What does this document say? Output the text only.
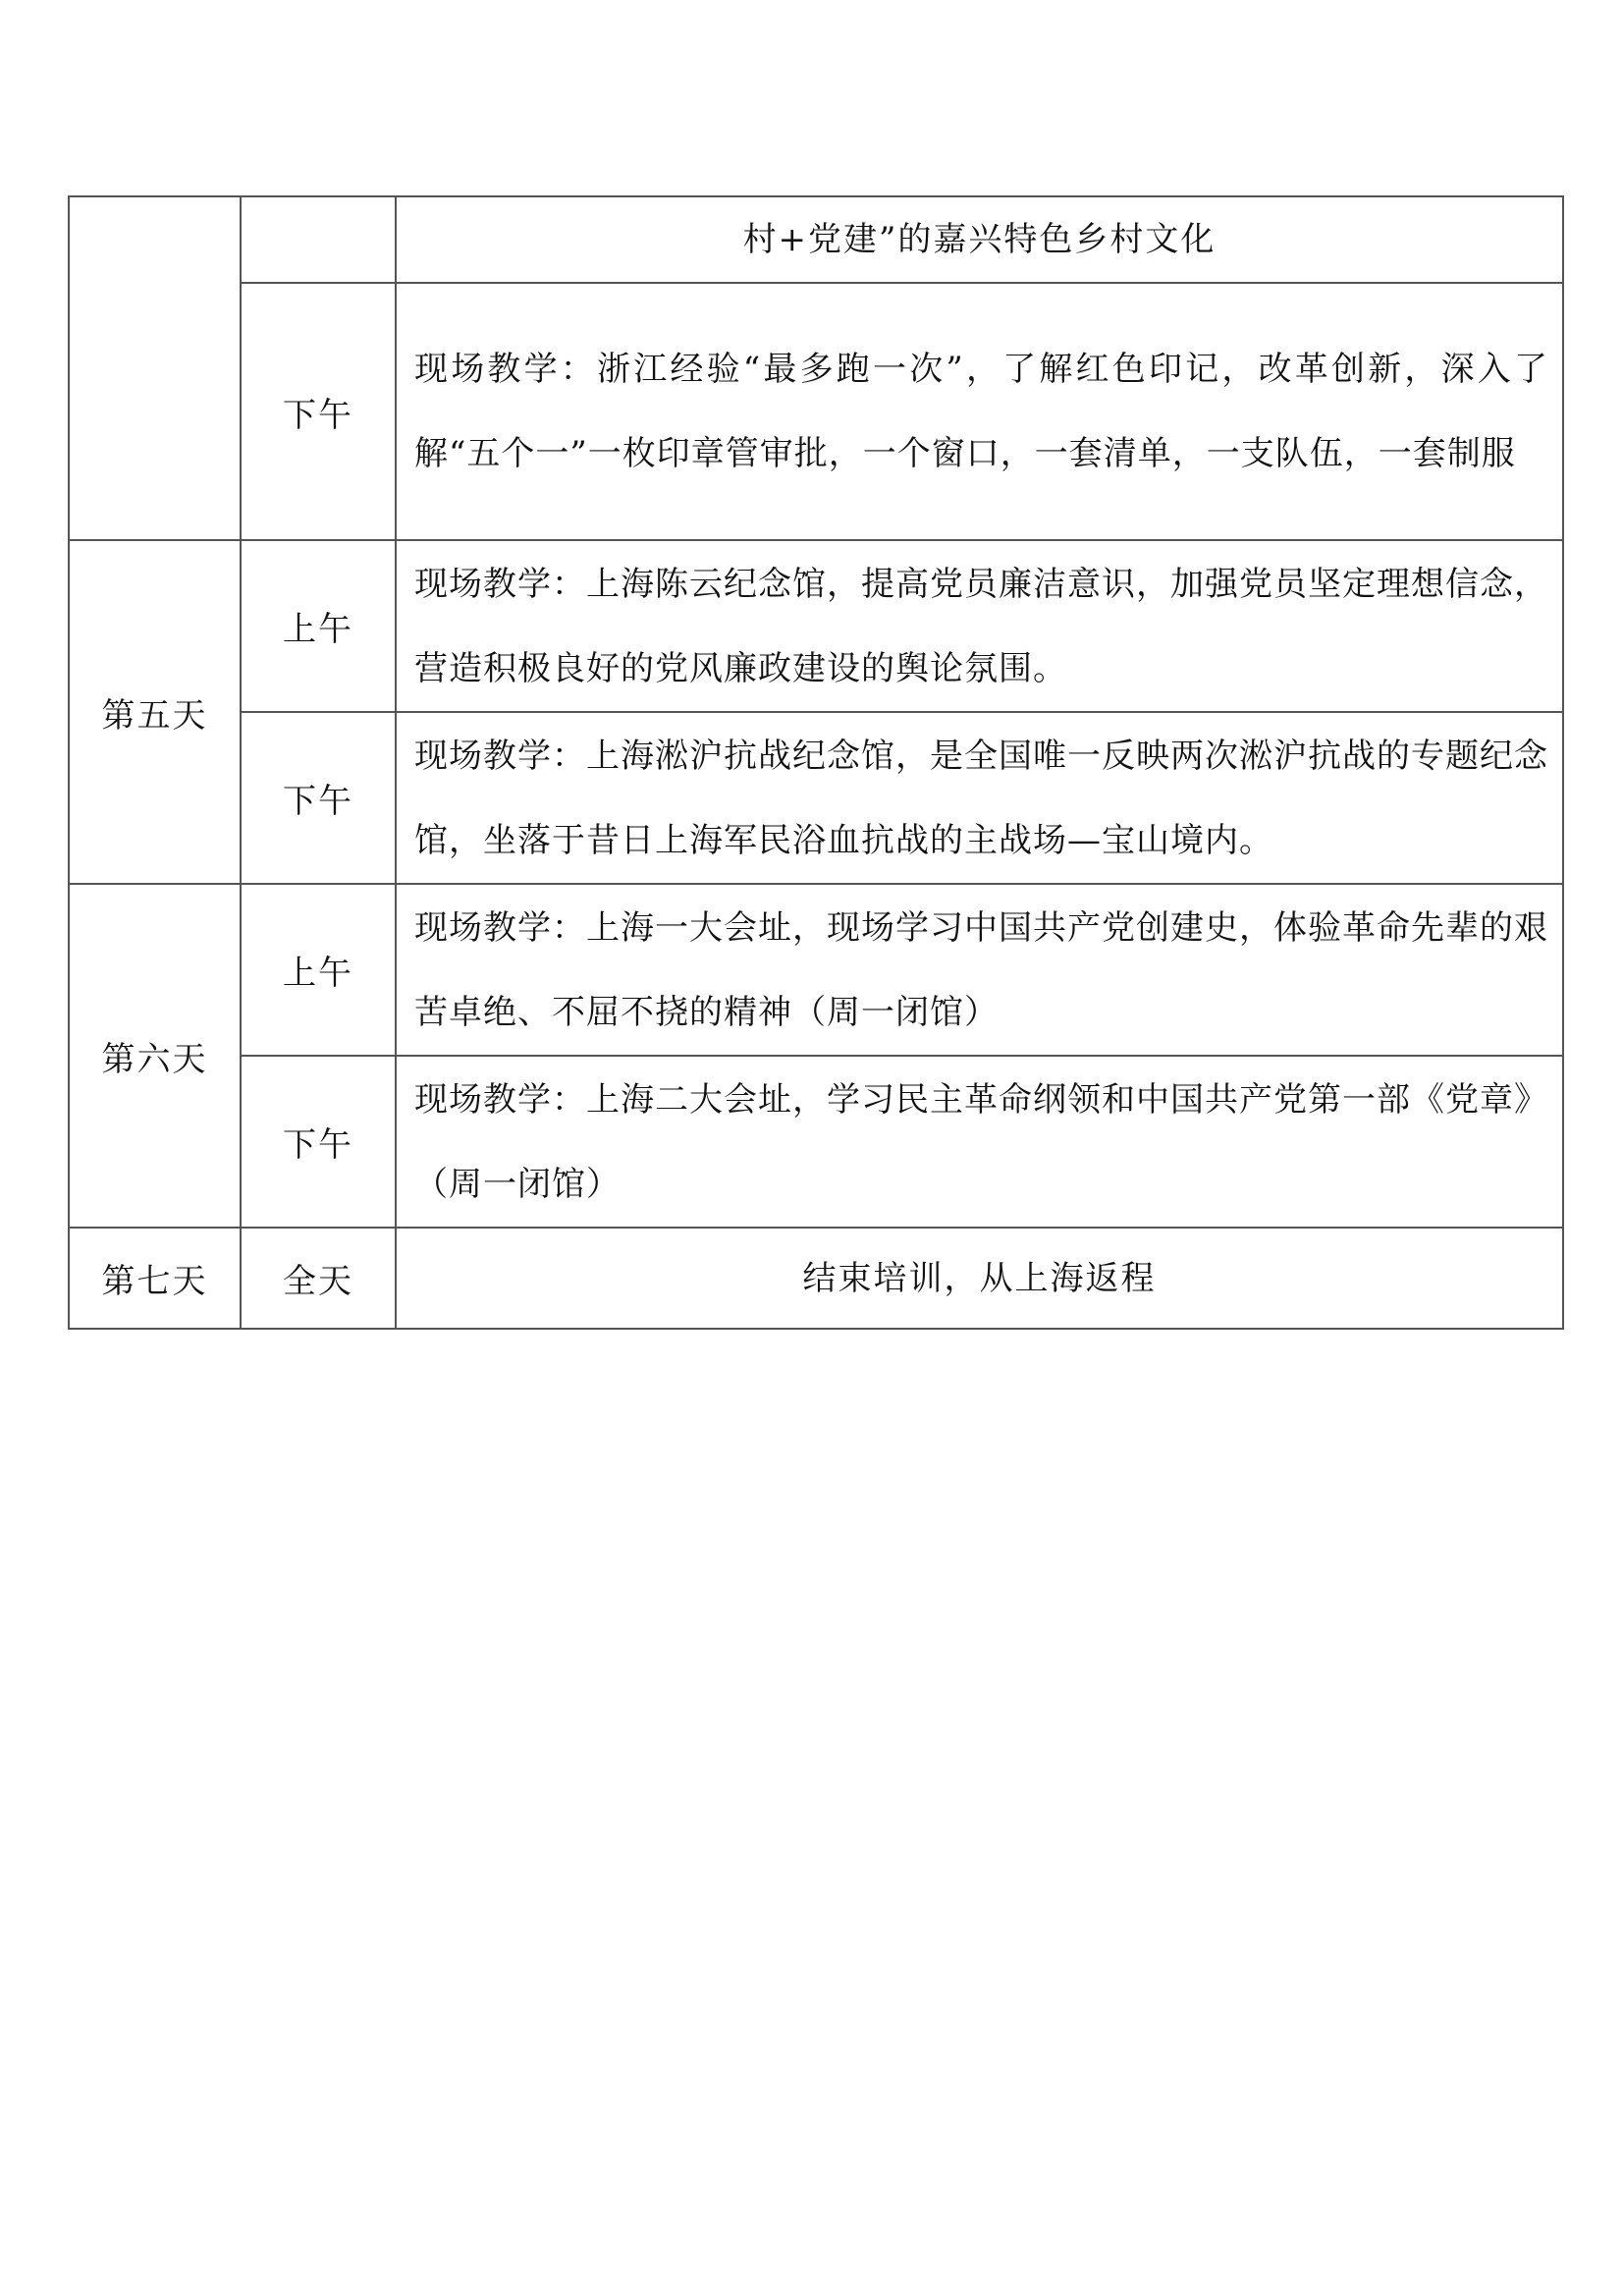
		村+党建”的嘉兴特色乡村文化
	下午	现场教学：浙江经验“最多跑一次”，了解红色印记，改革创新，深入了解“五个一”一枚印章管审批，一个窗口，一套清单，一支队伍，一套制服
第五天	上午	现场教学：上海陈云纪念馆，提高党员廉洁意识，加强党员坚定理想信念，营造积极良好的党风廉政建设的舆论氛围。
	下午	现场教学：上海淞沪抗战纪念馆，是全国唯一反映两次淞沪抗战的专题纪念馆，坐落于昔日上海军民浴血抗战的主战场—宝山境内。
第六天	上午	现场教学：上海一大会址，现场学习中国共产党创建史，体验革命先辈的艰苦卓绝、不屈不挠的精神（周一闭馆）
	下午	现场教学：上海二大会址，学习民主革命纲领和中国共产党第一部《党章》（周一闭馆）
第七天	全天	结束培训，从上海返程
